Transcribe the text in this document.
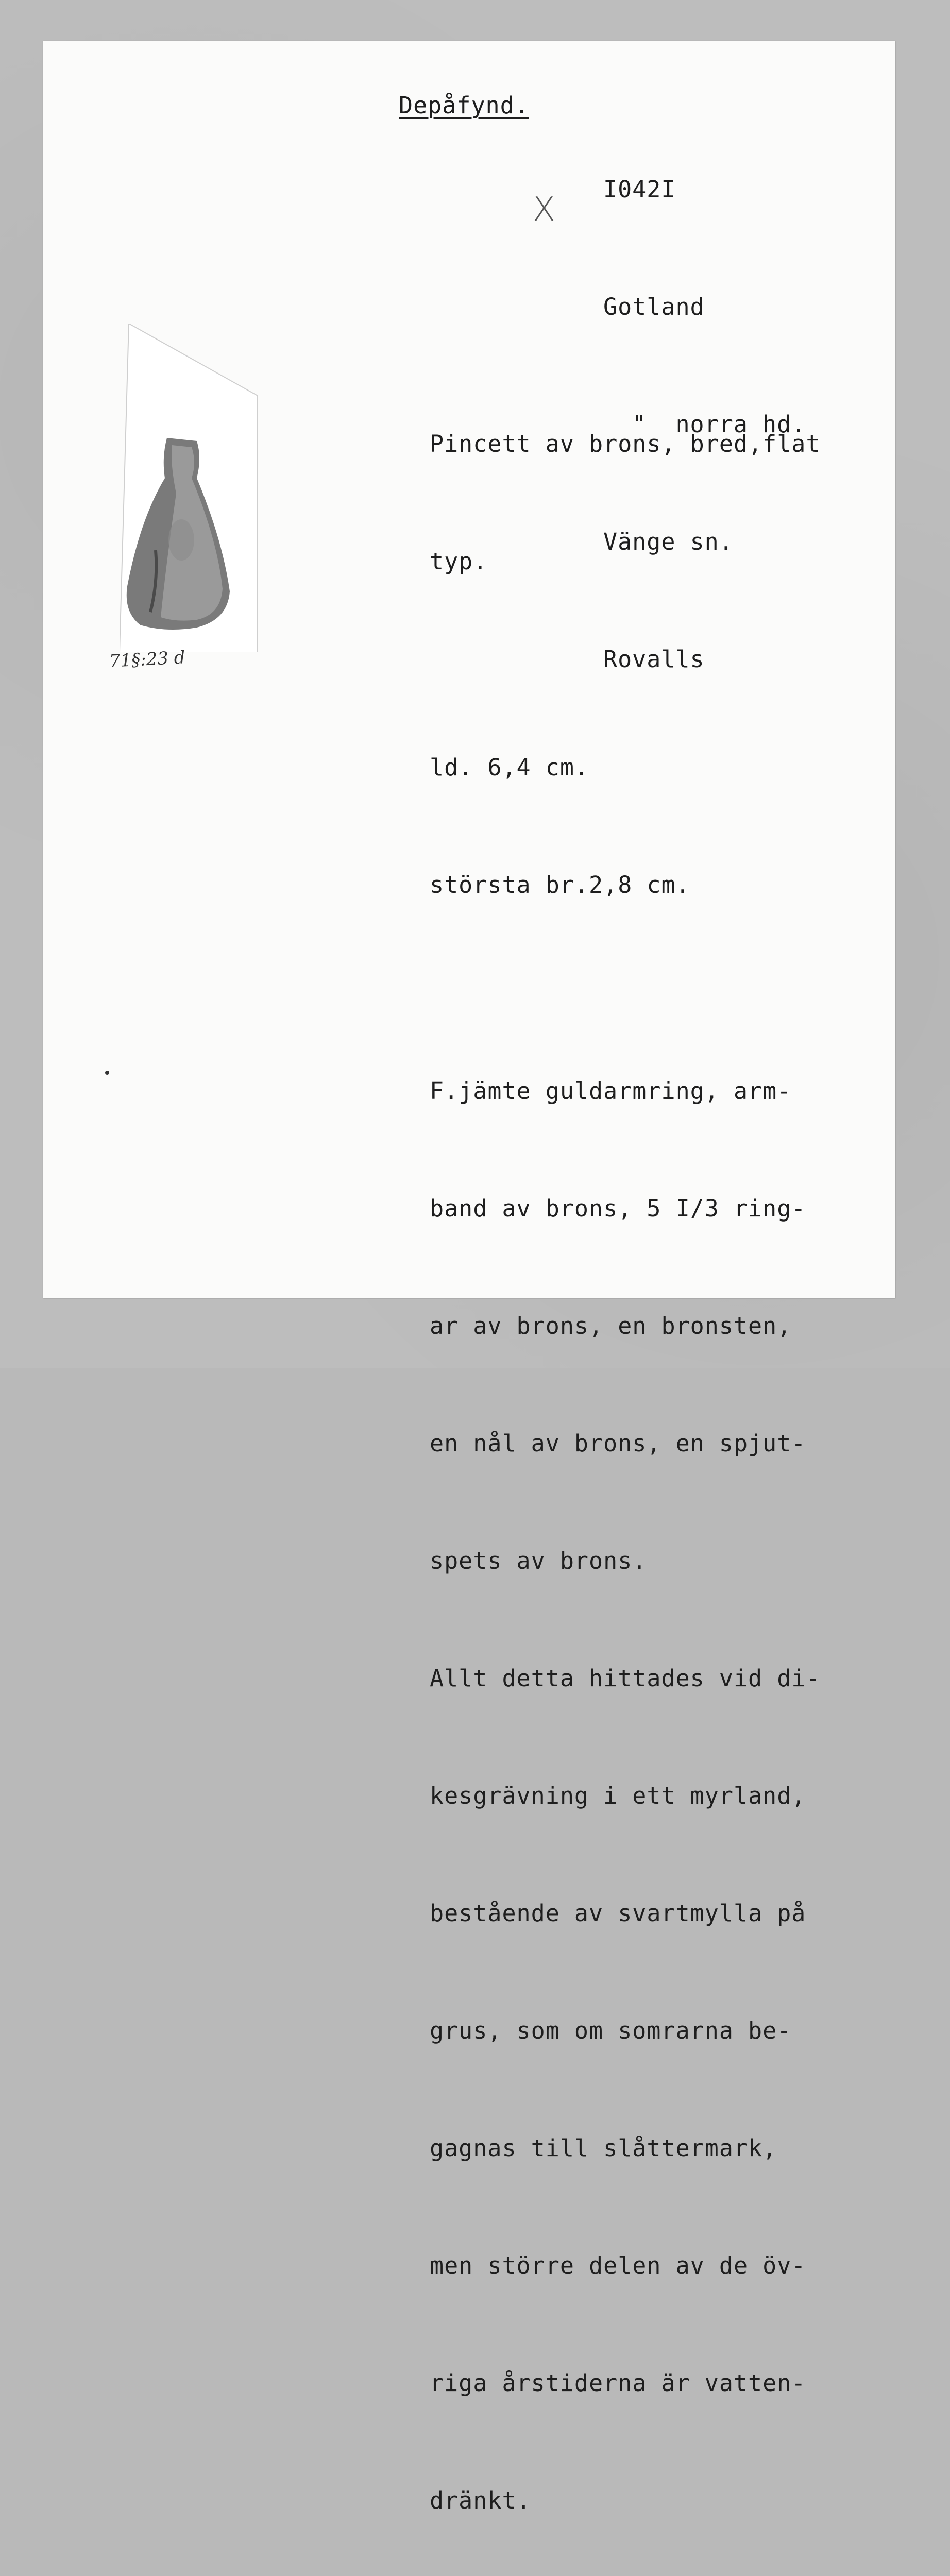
Depåfynd.

I042I

Gotland

"  norra hd.

Vänge sn.

Rovalls

X
71§:23 d

Pincett av brons, bred,flat

typ.

ld. 6,4 cm.

största br.2,8 cm.

F.jämte guldarmring, arm-

band av brons, 5 I/3 ring-

ar av brons, en bronsten,

en nål av brons, en spjut-

spets av brons.

Allt detta hittades vid di-

kesgrävning i ett myrland,

bestående av svartmylla på

grus, som om somrarna be-

gagnas till slåttermark,

men större delen av de öv-

riga årstiderna är vatten-

dränkt.
